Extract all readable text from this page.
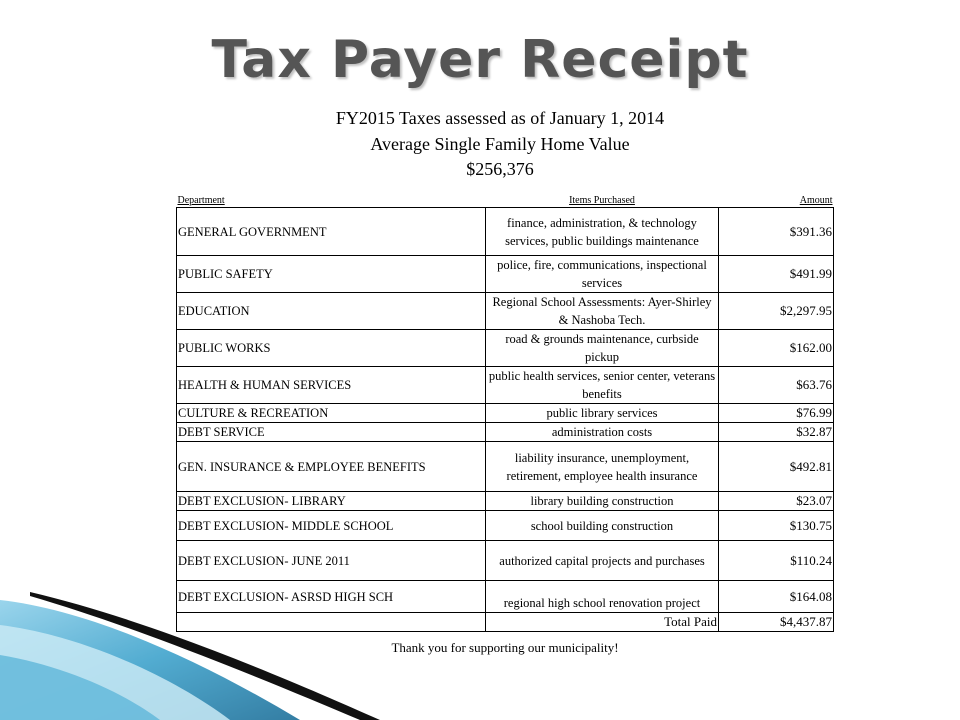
Tax Payer Receipt
FY2015 Taxes assessed as of January 1, 2014
Average Single Family Home Value
$256,376
Department	Items Purchased	Amount
GENERAL GOVERNMENT	finance, administration, & technology services, public buildings maintenance	$391.36
PUBLIC SAFETY	police, fire, communications, inspectional services	$491.99
EDUCATION	Regional School Assessments: Ayer-Shirley & Nashoba Tech.	$2,297.95
PUBLIC WORKS	road & grounds maintenance, curbside pickup	$162.00
HEALTH & HUMAN SERVICES	public health services, senior center, veterans benefits	$63.76
CULTURE & RECREATION	public library services	$76.99
DEBT SERVICE	administration costs	$32.87
GEN. INSURANCE & EMPLOYEE BENEFITS	liability insurance, unemployment, retirement, employee health insurance	$492.81
DEBT EXCLUSION- LIBRARY	library building construction	$23.07
DEBT EXCLUSION- MIDDLE SCHOOL	school building construction	$130.75
DEBT EXCLUSION- JUNE 2011	authorized capital projects and purchases	$110.24
DEBT EXCLUSION- ASRSD HIGH SCH	regional high school renovation project	$164.08
	Total Paid	$4,437.87
Thank you for supporting our municipality!
